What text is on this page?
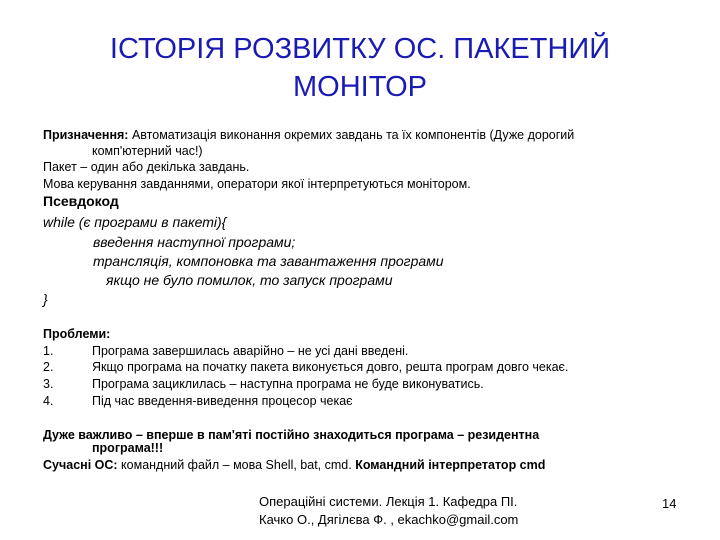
ІСТОРІЯ РОЗВИТКУ ОС. ПАКЕТНИЙ
МОНІТОР
Призначення: Автоматизація виконання окремих завдань та їх компонентів (Дуже дорогий
комп'ютерний час!)
Пакет – один або декілька завдань.
Мова керування завданнями, оператори якої інтерпретуються монітором.
Псевдокод
while (є програми в пакеті){
введення наступної програми;
трансляція, компоновка та завантаження програми
якщо не було помилок, то запуск програми
}
Проблеми:
1.	Програма завершилась аварійно – не усі дані введені.
2.	Якщо програма на початку пакета виконується довго, решта програм довго чекає.
3.	Програма зациклилась – наступна програма не буде виконуватись.
4.	Під час введення-виведення процесор чекає
Дуже важливо – вперше в пам'яті постійно знаходиться програма – резидентна
програма!!!
Сучасні ОС: командний файл – мова Shell, bat, cmd. Командний інтерпретатор cmd
Операційні системи. Лекція 1. Кафедра ПІ.
Качко О., Дягілєва Ф. , ekachko@gmail.com
14
